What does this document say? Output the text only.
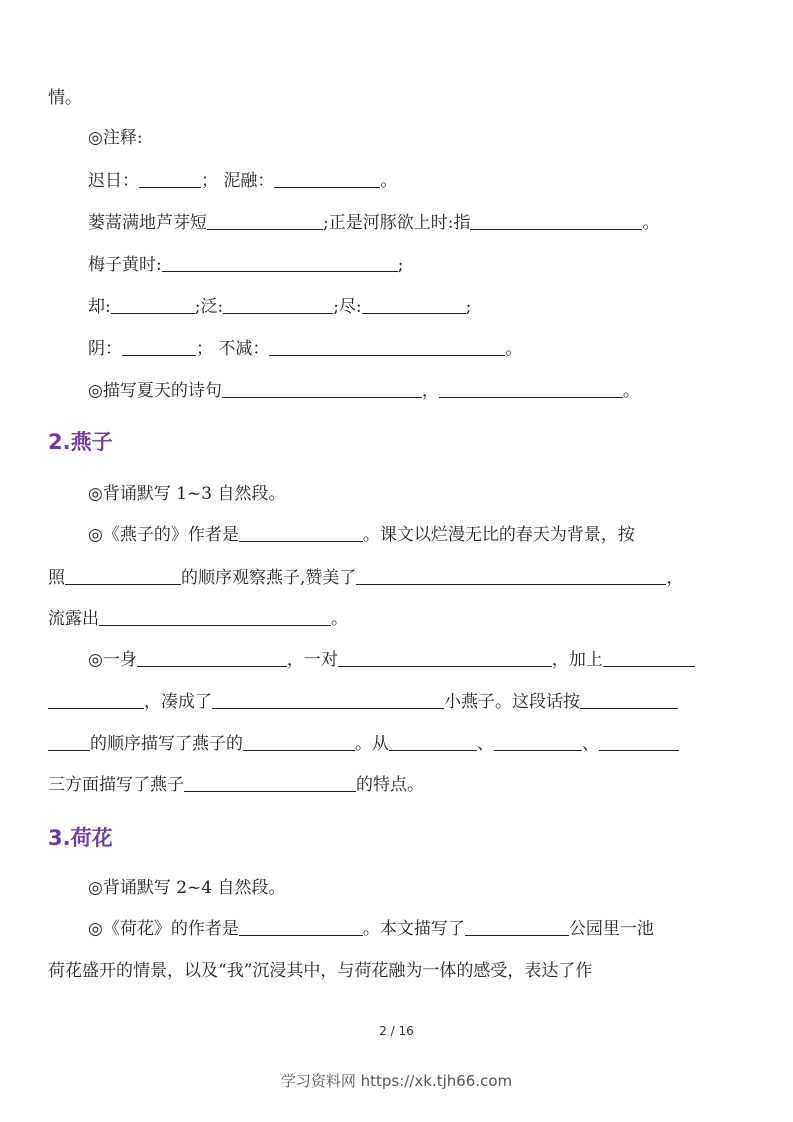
情。
◎注释:
迟日：	； 泥融：	。
蒌蒿满地芦芽短	;正是河豚欲上时:指	。
梅子黄时:	;
却:	;泛:	;尽:	;
阴：	； 不减：	。
◎描写夏天的诗句	，	。
2.燕子
◎背诵默写 1~3 自然段。
◎《燕子的》作者是	。课文以烂漫无比的春天为背景，按
照	的顺序观察燕子,赞美了	，
流露出	。
◎一身	，一对	，加上
，凑成了	小燕子。这段话按
的顺序描写了燕子的	。从	、	、
三方面描写了燕子	的特点。
3.荷花
◎背诵默写 2~4 自然段。
◎《荷花》的作者是	。本文描写了	公园里一池
荷花盛开的情景，以及“我”沉浸其中，与荷花融为一体的感受，表达了作
2 / 16
学习资料网 https://xk.tjh66.com
